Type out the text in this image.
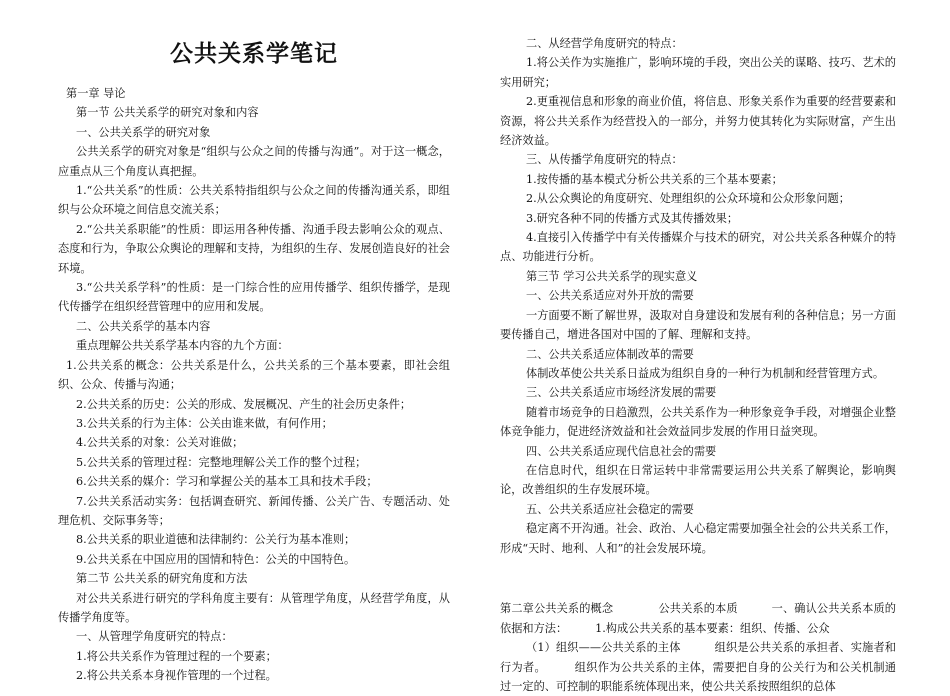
公共关系学笔记

第一章 导论

第一节 公共关系学的研究对象和内容

一、公共关系学的研究对象

公共关系学的研究对象是“组织与公众之间的传播与沟通”。对于这一概念，应重点从三个角度认真把握。

1.“公共关系”的性质：公共关系特指组织与公众之间的传播沟通关系，即组织与公众环境之间信息交流关系；

2.“公共关系职能”的性质：即运用各种传播、沟通手段去影响公众的观点、态度和行为，争取公众舆论的理解和支持，为组织的生存、发展创造良好的社会环境。

3.“公共关系学科”的性质：是一门综合性的应用传播学、组织传播学，是现代传播学在组织经营管理中的应用和发展。

二、公共关系学的基本内容

重点理解公共关系学基本内容的九个方面：

1.公共关系的概念：公共关系是什么，公共关系的三个基本要素，即社会组织、公众、传播与沟通；

2.公共关系的历史：公关的形成、发展概况、产生的社会历史条件；

3.公共关系的行为主体：公关由谁来做，有何作用；

4.公共关系的对象：公关对谁做；

5.公共关系的管理过程：完整地理解公关工作的整个过程；

6.公共关系的媒介：学习和掌握公关的基本工具和技术手段；

7.公共关系活动实务：包括调查研究、新闻传播、公关广告、专题活动、处理危机、交际事务等；

8.公共关系的职业道德和法律制约：公关行为基本准则；

9.公共关系在中国应用的国情和特色：公关的中国特色。

第二节 公共关系的研究角度和方法

对公共关系进行研究的学科角度主要有：从管理学角度，从经营学角度，从传播学角度等。

一、从管理学角度研究的特点：

1.将公共关系作为管理过程的一个要素；

2.将公共关系本身视作管理的一个过程。

二、从经营学角度研究的特点：

1.将公关作为实施推广，影响环境的手段，突出公关的谋略、技巧、艺术的实用研究；

2.更重视信息和形象的商业价值，将信息、形象关系作为重要的经营要素和资源，将公共关系作为经营投入的一部分，并努力使其转化为实际财富，产生出经济效益。

三、从传播学角度研究的特点：

1.按传播的基本模式分析公共关系的三个基本要素；

2.从公众舆论的角度研究、处理组织的公众环境和公众形象问题；

3.研究各种不同的传播方式及其传播效果；

4.直接引入传播学中有关传播媒介与技术的研究，对公共关系各种媒介的特点、功能进行分析。

第三节 学习公共关系学的现实意义

一、公共关系适应对外开放的需要

一方面要不断了解世界，汲取对自身建设和发展有利的各种信息；另一方面要传播自己，增进各国对中国的了解、理解和支持。

二、公共关系适应体制改革的需要

体制改革使公共关系日益成为组织自身的一种行为机制和经营管理方式。

三、公共关系适应市场经济发展的需要

随着市场竞争的日趋激烈，公共关系作为一种形象竞争手段，对增强企业整体竞争能力，促进经济效益和社会效益同步发展的作用日益突现。

四、公共关系适应现代信息社会的需要

在信息时代，组织在日常运转中非常需要运用公共关系了解舆论，影响舆论，改善组织的生存发展环境。

五、公共关系适应社会稳定的需要

稳定离不开沟通。社会、政治、人心稳定需要加强全社会的公共关系工作，形成“天时、地利、人和”的社会发展环境。

第二章公共关系的概念　　　　公共关系的本质　　　一、确认公共关系本质的依据和方法：　　　1.构成公共关系的基本要素：组织、传播、公众

（1）组织——公共关系的主体　　　组织是公共关系的承担者、实施者和行为者。　　　组织作为公共关系的主体，需要把自身的公关行为和公关机制通过一定的、可控制的职能系统体现出来，使公共关系按照组织的总体
